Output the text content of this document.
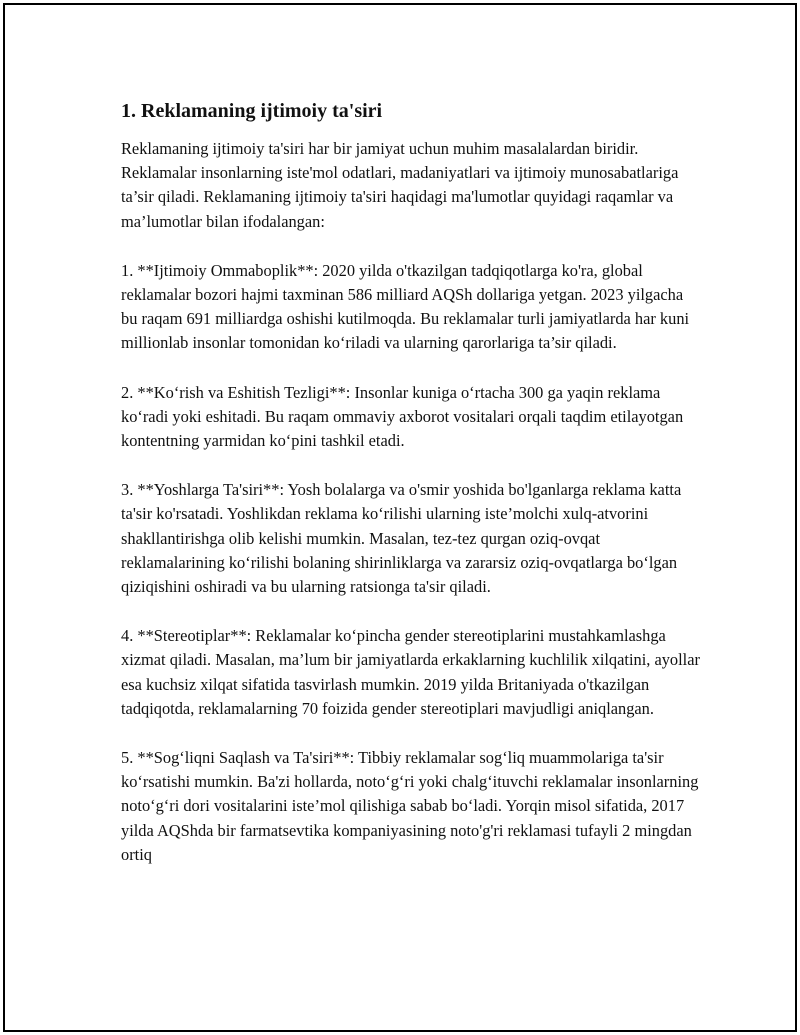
1. Reklamaning ijtimoiy ta'siri

Reklamaning ijtimoiy ta'siri har bir jamiyat uchun muhim masalalardan biridir. Reklamalar insonlarning iste'mol odatlari, madaniyatlari va ijtimoiy munosabatlariga ta’sir qiladi. Reklamaning ijtimoiy ta'siri haqidagi ma'lumotlar quyidagi raqamlar va ma’lumotlar bilan ifodalangan:

1. **Ijtimoiy Ommaboplik**: 2020 yilda o'tkazilgan tadqiqotlarga ko'ra, global reklamalar bozori hajmi taxminan 586 milliard AQSh dollariga yetgan. 2023 yilgacha bu raqam 691 milliardga oshishi kutilmoqda. Bu reklamalar turli jamiyatlarda har kuni millionlab insonlar tomonidan ko‘riladi va ularning qarorlariga ta’sir qiladi.

2. **Ko‘rish va Eshitish Tezligi**: Insonlar kuniga o‘rtacha 300 ga yaqin reklama ko‘radi yoki eshitadi. Bu raqam ommaviy axborot vositalari orqali taqdim etilayotgan kontentning yarmidan ko‘pini tashkil etadi.

3. **Yoshlarga Ta'siri**: Yosh bolalarga va o'smir yoshida bo'lganlarga reklama katta ta'sir ko'rsatadi. Yoshlikdan reklama ko‘rilishi ularning iste’molchi xulq-atvorini shakllantirishga olib kelishi mumkin. Masalan, tez-tez qurgan oziq-ovqat reklamalarining ko‘rilishi bolaning shirinliklarga va zararsiz oziq-ovqatlarga bo‘lgan qiziqishini oshiradi va bu ularning ratsionga ta'sir qiladi.

4. **Stereotiplar**: Reklamalar ko‘pincha gender stereotiplarini mustahkamlashga xizmat qiladi. Masalan, ma’lum bir jamiyatlarda erkaklarning kuchlilik xilqatini, ayollar esa kuchsiz xilqat sifatida tasvirlash mumkin. 2019 yilda Britaniyada o'tkazilgan tadqiqotda, reklamalarning 70 foizida gender stereotiplari mavjudligi aniqlangan.

5. **Sog‘liqni Saqlash va Ta'siri**: Tibbiy reklamalar sog‘liq muammolariga ta'sir ko‘rsatishi mumkin. Ba'zi hollarda, noto‘g‘ri yoki chalg‘ituvchi reklamalar insonlarning noto‘g‘ri dori vositalarini iste’mol qilishiga sabab bo‘ladi. Yorqin misol sifatida, 2017 yilda AQShda bir farmatsevtika kompaniyasining noto'g'ri reklamasi tufayli 2 mingdan ortiq
